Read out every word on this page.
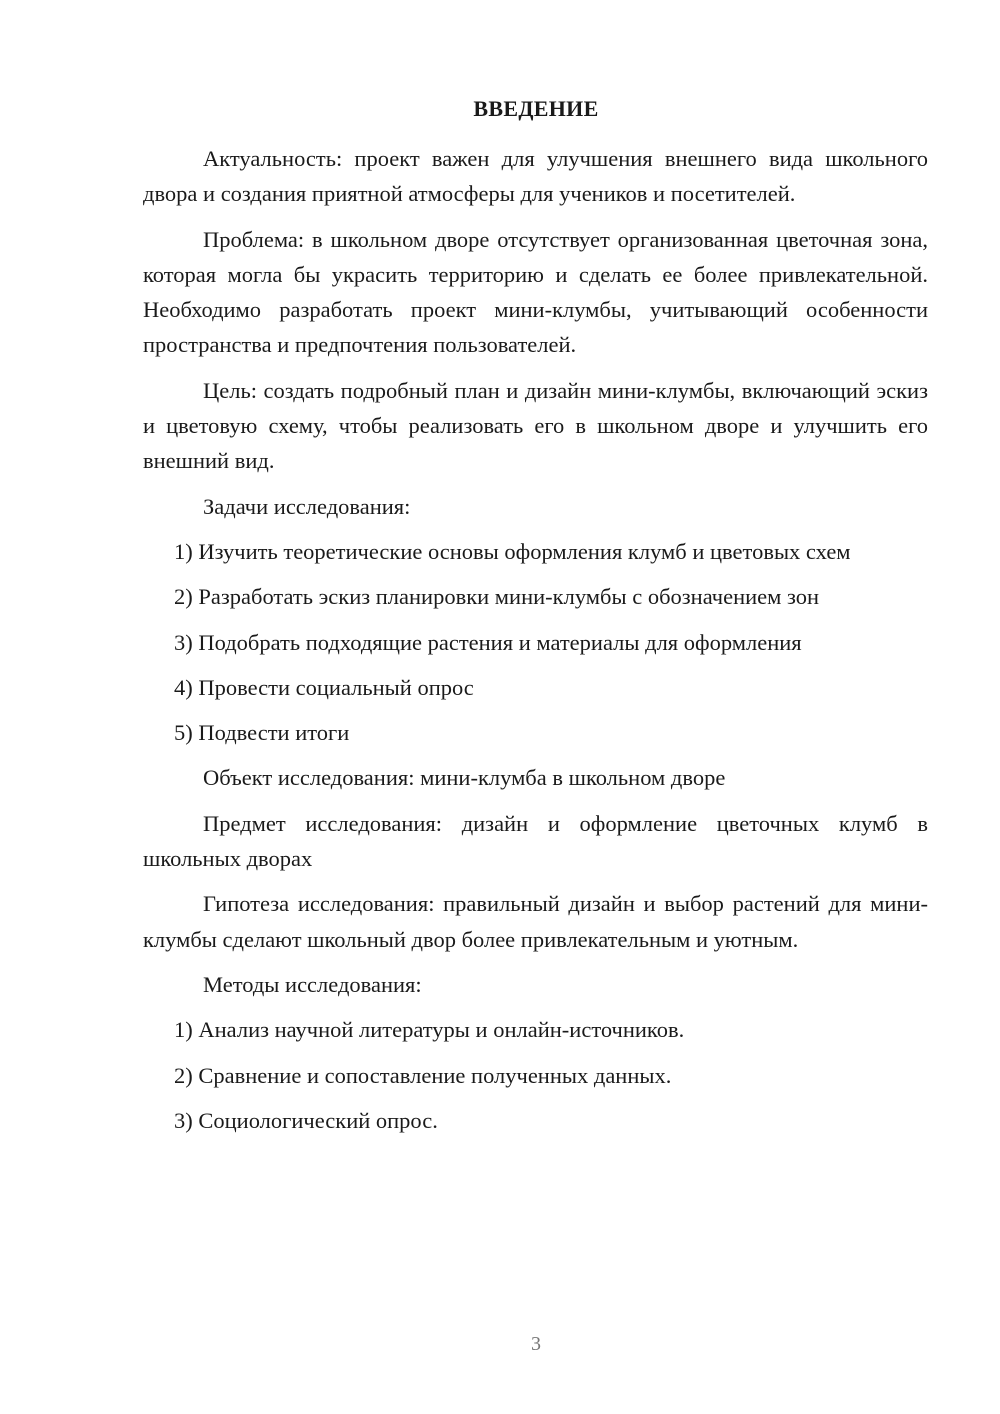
ВВЕДЕНИЕ

Актуальность: проект важен для улучшения внешнего вида школьного двора и создания приятной атмосферы для учеников и посетителей.

Проблема: в школьном дворе отсутствует организованная цветочная зона, которая могла бы украсить территорию и сделать ее более привлекательной. Необходимо разработать проект мини-клумбы, учитывающий особенности пространства и предпочтения пользователей.

Цель: создать подробный план и дизайн мини-клумбы, включающий эскиз и цветовую схему, чтобы реализовать его в школьном дворе и улучшить его внешний вид.

Задачи исследования:

1) Изучить теоретические основы оформления клумб и цветовых схем

2) Разработать эскиз планировки мини-клумбы с обозначением зон

3) Подобрать подходящие растения и материалы для оформления

4) Провести социальный опрос

5) Подвести итоги

Объект исследования: мини-клумба в школьном дворе

Предмет исследования: дизайн и оформление цветочных клумб в школьных дворах

Гипотеза исследования: правильный дизайн и выбор растений для мини-клумбы сделают школьный двор более привлекательным и уютным.

Методы исследования:

1) Анализ научной литературы и онлайн-источников.

2) Сравнение и сопоставление полученных данных.

3) Социологический опрос.

3
